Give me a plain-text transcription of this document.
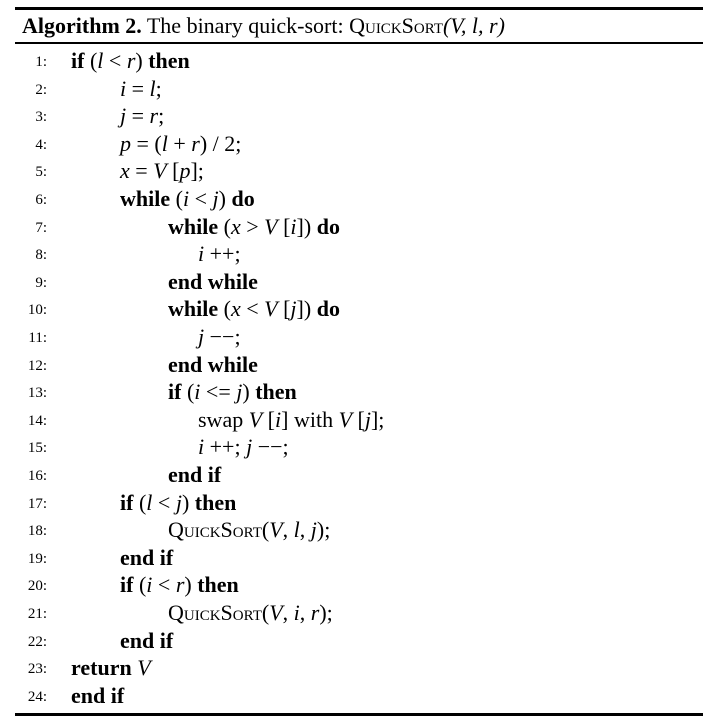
Algorithm 2. The binary quick-sort: QuickSort(V, l, r)
1: if (l < r) then
2:	i = l;
3:	j = r;
4:	p = (l + r) / 2;
5:	x = V [p];
6:	while (i < j) do
7:	while (x > V [i]) do
8:	i ++;
9:	end while
10:	while (x < V [j]) do
11:	j −−;
12:	end while
13:	if (i <= j) then
14:	swap V [i] with V [j];
15:	i ++; j −−;
16:	end if
17:	if (l < j) then
18:	QuickSort(V, l, j);
19:	end if
20:	if (i < r) then
21:	QuickSort(V, i, r);
22:	end if
23: return V
24: end if
